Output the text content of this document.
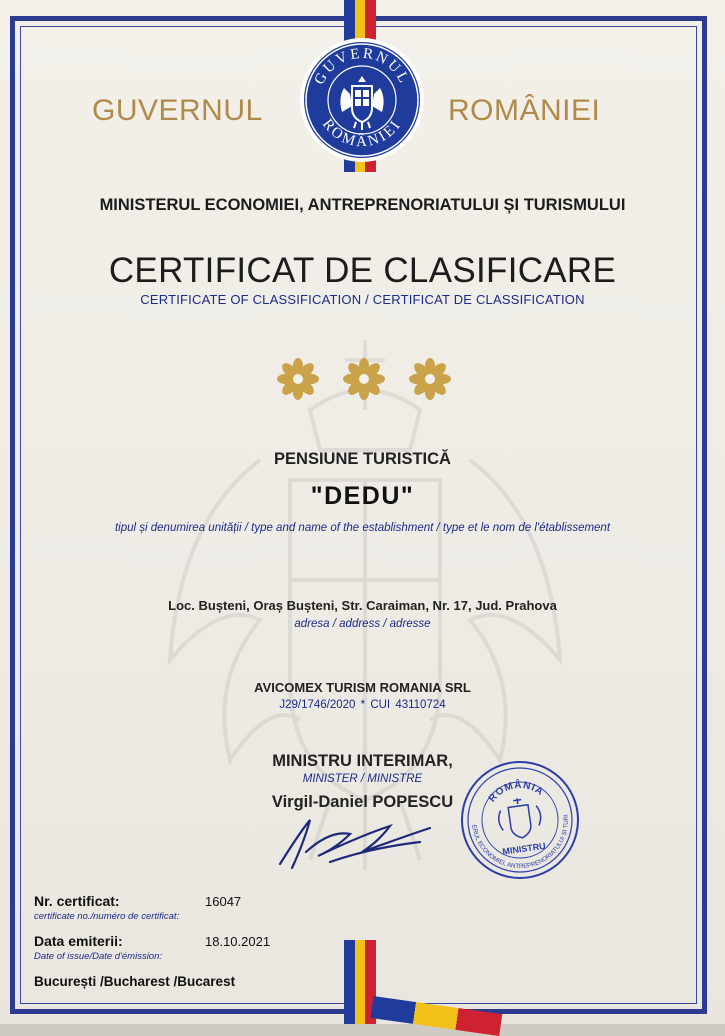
GUVERNUL	ROMÂNIEI
GUVERNUL
ROMÂNIEI
MINISTERUL ECONOMIEI, ANTREPRENORIATULUI ȘI TURISMULUI
CERTIFICAT DE CLASIFICARE
CERTIFICATE OF CLASSIFICATION / CERTIFICAT DE CLASSIFICATION
PENSIUNE TURISTICĂ
"DEDU"
tipul și denumirea unității / type and name of the establishment / type et le nom de l'établissement
Loc. Bușteni, Oraș Bușteni, Str. Caraiman, Nr. 17, Jud. Prahova
adresa / address / adresse
AVICOMEX TURISM ROMANIA SRL
J29/1746/2020 * CUI 43110724
MINISTRU INTERIMAR,
MINISTER / MINISTRE
Virgil-Daniel POPESCU	ROMÂNIA
MINISTERUL ECONOMIEI, ANTREPRENORIATULUI ȘI TURISMULUI
MINISTRU
Nr. certificat:
certificate no./numéro de certificat:
16047
Data emiterii:
Date of issue/Date d'émission:
18.10.2021
București /Bucharest /Bucarest
